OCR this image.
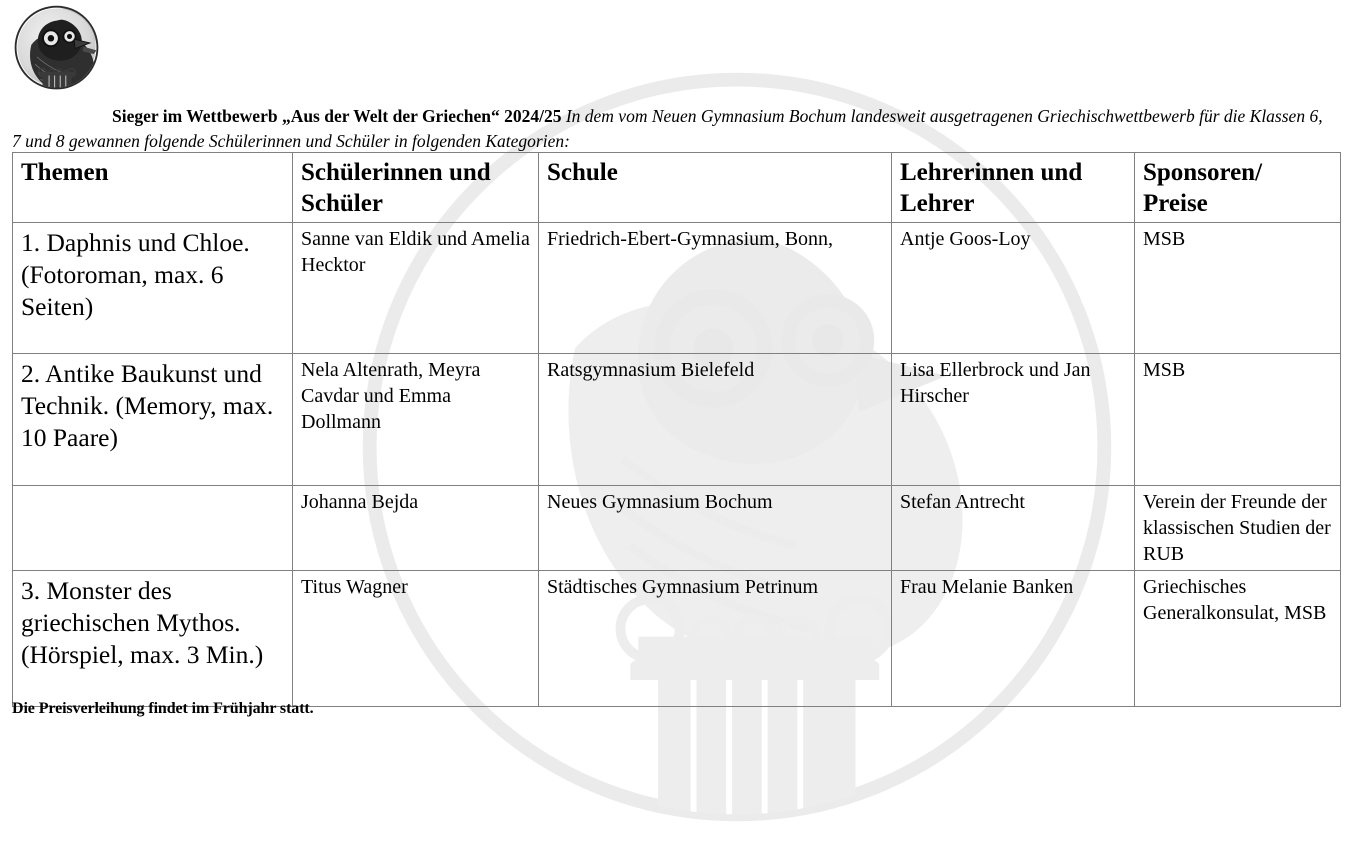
Sieger im Wettbewerb „Aus der Welt der Griechen“ 2024/25 In dem vom Neuen Gymnasium Bochum landesweit ausgetragenen Griechischwettbewerb für die Klassen 6, 7 und 8 gewannen folgende Schülerinnen und Schüler in folgenden Kategorien:

Themen	Schülerinnen und Schüler	Schule	Lehrerinnen und Lehrer	Sponsoren/ Preise
1. Daphnis und Chloe. (Fotoroman, max. 6 Seiten)	Sanne van Eldik und Amelia Hecktor	Friedrich-Ebert-Gymnasium, Bonn,	Antje Goos-Loy	MSB
2. Antike Baukunst und Technik. (Memory, max. 10 Paare)	Nela Altenrath, Meyra Cavdar und Emma Dollmann	Ratsgymnasium Bielefeld	Lisa Ellerbrock und Jan Hirscher	MSB
	Johanna Bejda	Neues Gymnasium Bochum	Stefan Antrecht	Verein der Freunde der klassischen Studien der RUB
3. Monster des griechischen Mythos. (Hörspiel, max. 3 Min.)	Titus Wagner	Städtisches Gymnasium Petrinum	Frau Melanie Banken	Griechisches Generalkonsulat, MSB
Die Preisverleihung findet im Frühjahr statt.
